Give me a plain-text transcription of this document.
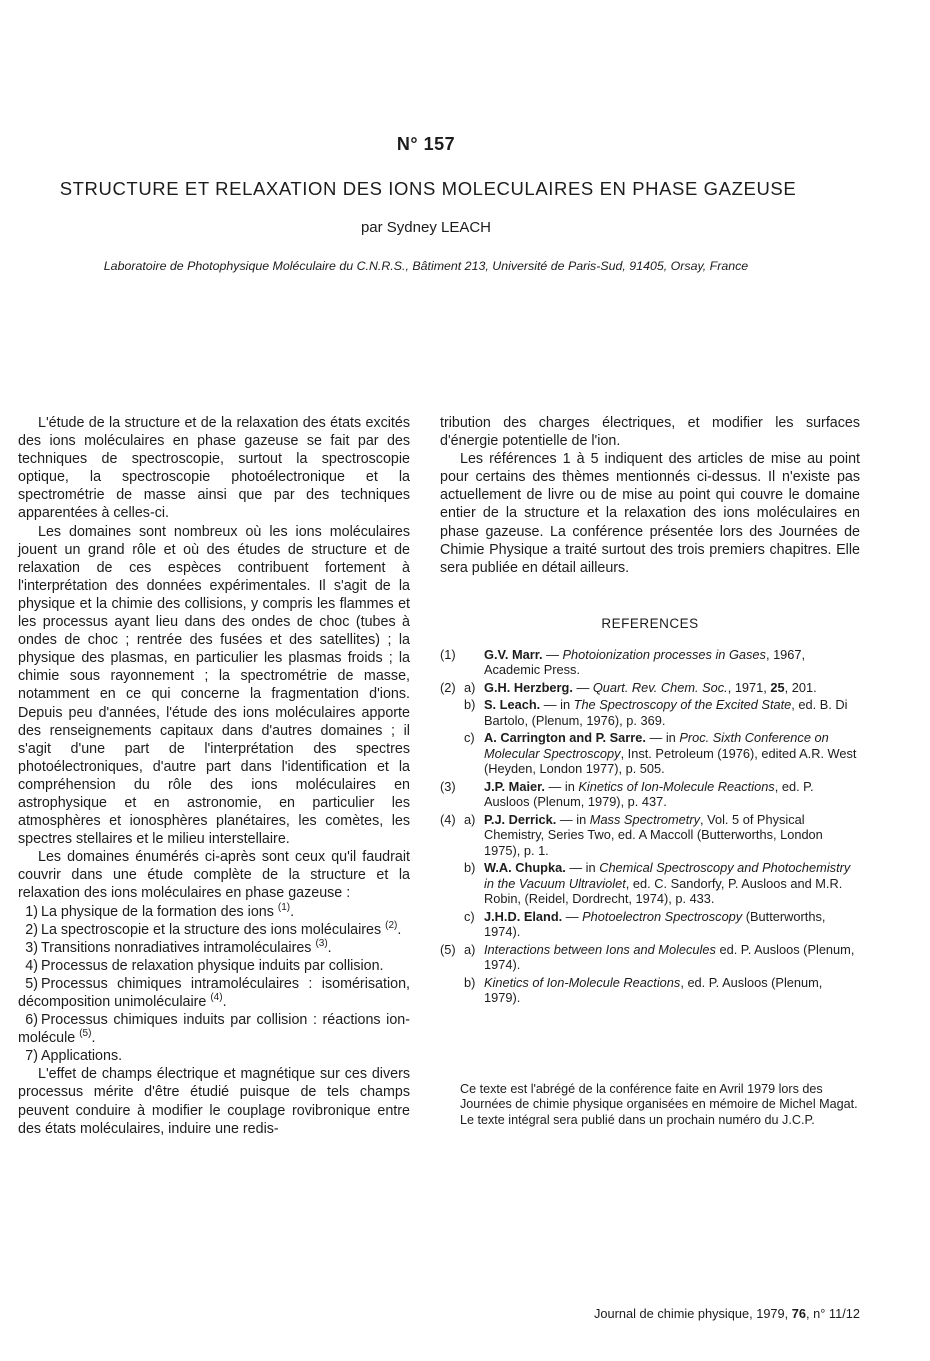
N° 157
STRUCTURE ET RELAXATION DES IONS MOLECULAIRES EN PHASE GAZEUSE
par Sydney LEACH
Laboratoire de Photophysique Moléculaire du C.N.R.S., Bâtiment 213, Université de Paris-Sud, 91405, Orsay, France

L'étude de la structure et de la relaxation des états excités des ions moléculaires en phase gazeuse se fait par des techniques de spectroscopie, surtout la spectroscopie optique, la spectroscopie photoélectronique et la spectrométrie de masse ainsi que par des techniques apparentées à celles-ci.

Les domaines sont nombreux où les ions moléculaires jouent un grand rôle et où des études de structure et de relaxation de ces espèces contribuent fortement à l'interprétation des données expérimentales. Il s'agit de la physique et la chimie des collisions, y compris les flammes et les processus ayant lieu dans des ondes de choc (tubes à ondes de choc ; rentrée des fusées et des satellites) ; la physique des plasmas, en particulier les plasmas froids ; la chimie sous rayonnement ; la spectrométrie de masse, notamment en ce qui concerne la fragmentation d'ions. Depuis peu d'années, l'étude des ions moléculaires apporte des renseignements capitaux dans d'autres domaines ; il s'agit d'une part de l'interprétation des spectres photoélectroniques, d'autre part dans l'identification et la compréhension du rôle des ions moléculaires en astrophysique et en astronomie, en particulier les atmosphères et ionosphères planétaires, les comètes, les spectres stellaires et le milieu interstellaire.

Les domaines énumérés ci-après sont ceux qu'il faudrait couvrir dans une étude complète de la structure et la relaxation des ions moléculaires en phase gazeuse :

1) La physique de la formation des ions $^{(1)}$.

2) La spectroscopie et la structure des ions moléculaires $^{(2)}$.

3) Transitions nonradiatives intramoléculaires $^{(3)}$.

4) Processus de relaxation physique induits par collision.

5) Processus chimiques intramoléculaires : isomérisation, décomposition unimoléculaire $^{(4)}$.

6) Processus chimiques induits par collision : réactions ion-molécule $^{(5)}$.

7) Applications.

L'effet de champs électrique et magnétique sur ces divers processus mérite d'être étudié puisque de tels champs peuvent conduire à modifier le couplage rovibronique entre des états moléculaires, induire une redis-

tribution des charges électriques, et modifier les surfaces d'énergie potentielle de l'ion.

Les références 1 à 5 indiquent des articles de mise au point pour certains des thèmes mentionnés ci-dessus. Il n'existe pas actuellement de livre ou de mise au point qui couvre le domaine entier de la structure et la relaxation des ions moléculaires en phase gazeuse. La conférence présentée lors des Journées de Chimie Physique a traité surtout des trois premiers chapitres. Elle sera publiée en détail ailleurs.

REFERENCES
(1)	G.V. Marr. — Photoionization processes in Gases, 1967, Academic Press.
(2) a) G.H. Herzberg. — Quart. Rev. Chem. Soc., 1971, 25, 201.
b) S. Leach. — in The Spectroscopy of the Excited State, ed. B. Di Bartolo, (Plenum, 1976), p. 369.
c) A. Carrington and P. Sarre. — in Proc. Sixth Conference on Molecular Spectroscopy, Inst. Petroleum (1976), edited A.R. West (Heyden, London 1977), p. 505.
(3)	J.P. Maier. — in Kinetics of Ion-Molecule Reactions, ed. P. Ausloos (Plenum, 1979), p. 437.
(4) a) P.J. Derrick. — in Mass Spectrometry, Vol. 5 of Physical Chemistry, Series Two, ed. A Maccoll (Butterworths, London 1975), p. 1.
b) W.A. Chupka. — in Chemical Spectroscopy and Photochemistry in the Vacuum Ultraviolet, ed. C. Sandorfy, P. Ausloos and M.R. Robin, (Reidel, Dordrecht, 1974), p. 433.
c) J.H.D. Eland. — Photoelectron Spectroscopy (Butterworths, 1974).
(5) a) Interactions between Ions and Molecules ed. P. Ausloos (Plenum, 1974).
b) Kinetics of Ion-Molecule Reactions, ed. P. Ausloos (Plenum, 1979).

Ce texte est l'abrégé de la conférence faite en Avril 1979 lors des Journées de chimie physique organisées en mémoire de Michel Magat. Le texte intégral sera publié dans un prochain numéro du J.C.P.

Journal de chimie physique, 1979, 76, n° 11/12
